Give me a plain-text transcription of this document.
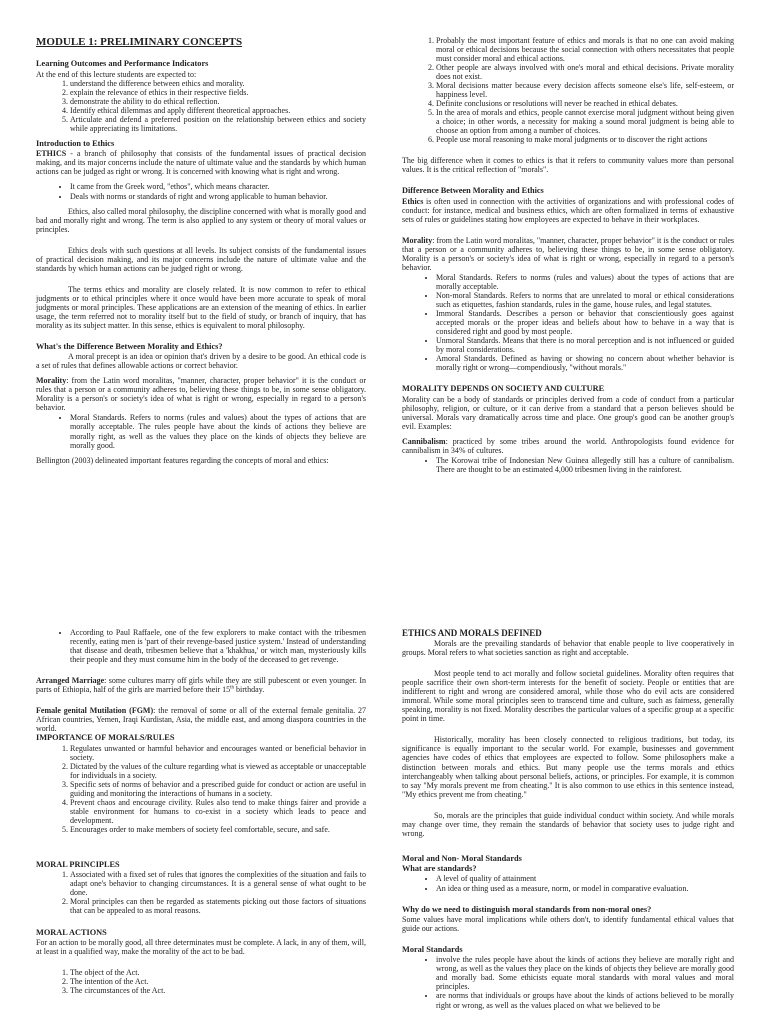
MODULE 1: PRELIMINARY CONCEPTS
Learning Outcomes and Performance Indicators
At the end of this lecture students are expected to:
1. understand the difference between ethics and morality.
2. explain the relevance of ethics in their respective fields.
3. demonstrate the ability to do ethical reflection.
4. Identify ethical dilemmas and apply different theoretical approaches.
5. Articulate and defend a preferred position on the relationship between ethics and society while appreciating its limitations.
Introduction to Ethics

ETHICS - a branch of philosophy that consists of the fundamental issues of practical decision making, and its major concerns include the nature of ultimate value and the standards by which human actions can be judged as right or wrong. It is concerned with knowing what is right and wrong.

• It came from the Greek word, "ethos", which means character.
• Deals with norms or standards of right and wrong applicable to human behavior.

Ethics, also called moral philosophy, the discipline concerned with what is morally good and bad and morally right and wrong. The term is also applied to any system or theory of moral values or principles.

Ethics deals with such questions at all levels. Its subject consists of the fundamental issues of practical decision making, and its major concerns include the nature of ultimate value and the standards by which human actions can be judged right or wrong.

The terms ethics and morality are closely related. It is now common to refer to ethical judgments or to ethical principles where it once would have been more accurate to speak of moral judgments or moral principles. These applications are an extension of the meaning of ethics. In earlier usage, the term referred not to morality itself but to the field of study, or branch of inquiry, that has morality as its subject matter. In this sense, ethics is equivalent to moral philosophy.

What's the Difference Between Morality and Ethics?

A moral precept is an idea or opinion that's driven by a desire to be good. An ethical code is a set of rules that defines allowable actions or correct behavior.

Morality: from the Latin word moralitas, "manner, character, proper behavior" it is the conduct or rules that a person or a community adheres to, believing these things to be, in some sense obligatory. Morality is a person's or society's idea of what is right or wrong, especially in regard to a person's behavior.

• Moral Standards. Refers to norms (rules and values) about the types of actions that are morally acceptable. The rules people have about the kinds of actions they believe are morally right, as well as the values they place on the kinds of objects they believe are morally good.

Bellington (2003) delineated important features regarding the concepts of moral and ethics:

1. Probably the most important feature of ethics and morals is that no one can avoid making moral or ethical decisions because the social connection with others necessitates that people must consider moral and ethical actions.
2. Other people are always involved with one's moral and ethical decisions. Private morality does not exist.
3. Moral decisions matter because every decision affects someone else's life, self-esteem, or happiness level.
4. Definite conclusions or resolutions will never be reached in ethical debates.
5. In the area of morals and ethics, people cannot exercise moral judgment without being given a choice; in other words, a necessity for making a sound moral judgment is being able to choose an option from among a number of choices.
6. People use moral reasoning to make moral judgments or to discover the right actions

The big difference when it comes to ethics is that it refers to community values more than personal values. It is the critical reflection of "morals".

Difference Between Morality and Ethics

Ethics is often used in connection with the activities of organizations and with professional codes of conduct: for instance, medical and business ethics, which are often formalized in terms of exhaustive sets of rules or guidelines stating how employees are expected to behave in their workplaces.

Morality: from the Latin word moralitas, "manner, character, proper behavior" it is the conduct or rules that a person or a community adheres to, believing these things to be, in some sense obligatory. Morality is a person's or society's idea of what is right or wrong, especially in regard to a person's behavior.

• Moral Standards. Refers to norms (rules and values) about the types of actions that are morally acceptable.
• Non-moral Standards. Refers to norms that are unrelated to moral or ethical considerations such as etiquettes, fashion standards, rules in the game, house rules, and legal statutes.
• Immoral Standards. Describes a person or behavior that conscientiously goes against accepted morals or the proper ideas and beliefs about how to behave in a way that is considered right and good by most people.
• Unmoral Standards. Means that there is no moral perception and is not influenced or guided by moral considerations.
• Amoral Standards. Defined as having or showing no concern about whether behavior is morally right or wrong—compendiously, "without morals."
MORALITY DEPENDS ON SOCIETY AND CULTURE

Morality can be a body of standards or principles derived from a code of conduct from a particular philosophy, religion, or culture, or it can derive from a standard that a person believes should be universal. Morals vary dramatically across time and place. One group's good can be another group's evil. Examples:

Cannibalism: practiced by some tribes around the world. Anthropologists found evidence for cannibalism in 34% of cultures.

• The Korowai tribe of Indonesian New Guinea allegedly still has a culture of cannibalism. There are thought to be an estimated 4,000 tribesmen living in the rainforest.
• According to Paul Raffaele, one of the few explorers to make contact with the tribesmen recently, eating men is 'part of their revenge-based justice system.' Instead of understanding that disease and death, tribesmen believe that a 'khakhua,' or witch man, mysteriously kills their people and they must consume him in the body of the deceased to get revenge.

Arranged Marriage: some cultures marry off girls while they are still pubescent or even younger. In parts of Ethiopia, half of the girls are married before their 15th birthday.

Female genital Mutilation (FGM): the removal of some or all of the external female genitalia. 27 African countries, Yemen, Iraqi Kurdistan, Asia, the middle east, and among diaspora countries in the world.

IMPORTANCE OF MORALS/RULES
1. Regulates unwanted or harmful behavior and encourages wanted or beneficial behavior in society.
2. Dictated by the values of the culture regarding what is viewed as acceptable or unacceptable for individuals in a society.
3. Specific sets of norms of behavior and a prescribed guide for conduct or action are useful in guiding and monitoring the interactions of humans in a society.
4. Prevent chaos and encourage civility. Rules also tend to make things fairer and provide a stable environment for humans to co-exist in a society which leads to peace and development.
5. Encourages order to make members of society feel comfortable, secure, and safe.
MORAL PRINCIPLES
1. Associated with a fixed set of rules that ignores the complexities of the situation and fails to adapt one's behavior to changing circumstances. It is a general sense of what ought to be done.
2. Moral principles can then be regarded as statements picking out those factors of situations that can be appealed to as moral reasons.
MORAL ACTIONS

For an action to be morally good, all three determinates must be complete. A lack, in any of them, will, at least in a qualified way, make the morality of the act to be bad.

1. The object of the Act.
2. The intention of the Act.
3. The circumstances of the Act.
ETHICS AND MORALS DEFINED

Morals are the prevailing standards of behavior that enable people to live cooperatively in groups. Moral refers to what societies sanction as right and acceptable.

Most people tend to act morally and follow societal guidelines. Morality often requires that people sacrifice their own short-term interests for the benefit of society. People or entities that are indifferent to right and wrong are considered amoral, while those who do evil acts are considered immoral. While some moral principles seen to transcend time and culture, such as fairness, generally speaking, morality is not fixed. Morality describes the particular values of a specific group at a specific point in time.

Historically, morality has been closely connected to religious traditions, but today, its significance is equally important to the secular world. For example, businesses and government agencies have codes of ethics that employees are expected to follow. Some philosophers make a distinction between morals and ethics. But many people use the terms morals and ethics interchangeably when talking about personal beliefs, actions, or principles. For example, it is common to say "My morals prevent me from cheating." It is also common to use ethics in this sentence instead, "My ethics prevent me from cheating."

So, morals are the principles that guide individual conduct within society. And while morals may change over time, they remain the standards of behavior that society uses to judge right and wrong.

Moral and Non- Moral Standards
What are standards?
• A level of quality of attainment
• An idea or thing used as a measure, norm, or model in comparative evaluation.
Why do we need to distinguish moral standards from non-moral ones?

Some values have moral implications while others don't, to identify fundamental ethical values that guide our actions.

Moral Standards
• involve the rules people have about the kinds of actions they believe are morally right and wrong, as well as the values they place on the kinds of objects they believe are morally good and morally bad. Some ethicists equate moral standards with moral values and moral principles.
• are norms that individuals or groups have about the kinds of actions believed to be morally right or wrong, as well as the values placed on what we believed to be
